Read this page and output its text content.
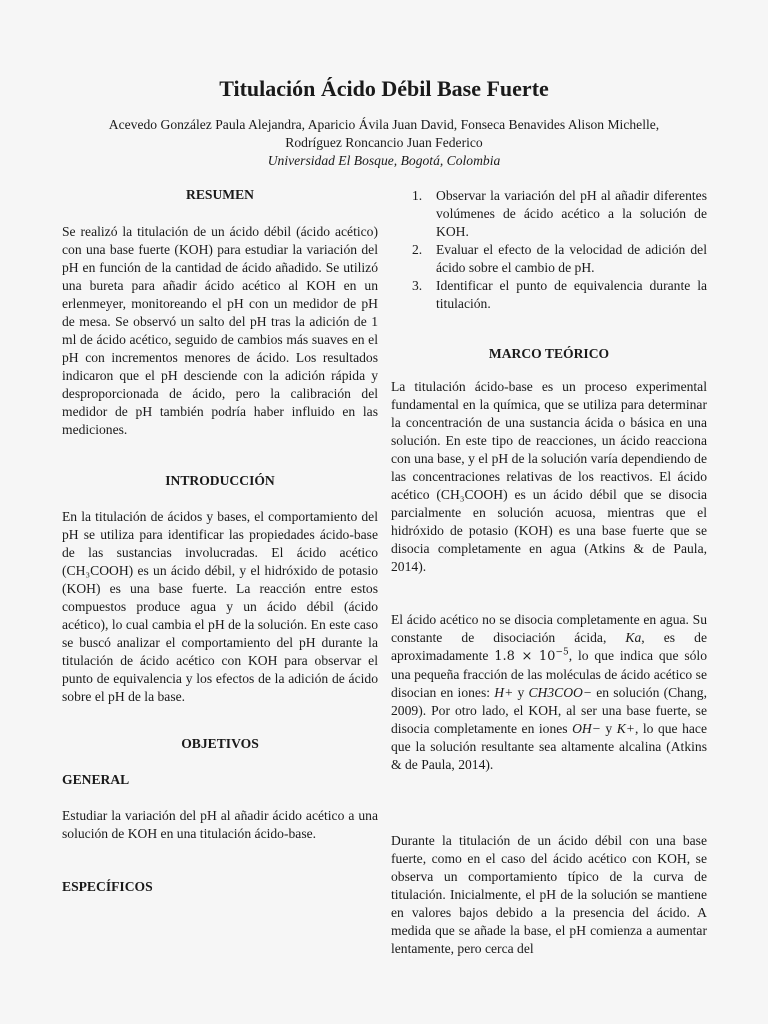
Titulación Ácido Débil Base Fuerte
Acevedo González Paula Alejandra, Aparicio Ávila Juan David, Fonseca Benavides Alison Michelle,
Rodríguez Roncancio Juan Federico
Universidad El Bosque, Bogotá, Colombia
RESUMEN

Se realizó la titulación de un ácido débil (ácido acético) con una base fuerte (KOH) para estudiar la variación del pH en función de la cantidad de ácido añadido. Se utilizó una bureta para añadir ácido acético al KOH en un erlenmeyer, monitoreando el pH con un medidor de pH de mesa. Se observó un salto del pH tras la adición de 1 ml de ácido acético, seguido de cambios más suaves en el pH con incrementos menores de ácido. Los resultados indicaron que el pH desciende con la adición rápida y desproporcionada de ácido, pero la calibración del medidor de pH también podría haber influido en las mediciones.

INTRODUCCIÓN

En la titulación de ácidos y bases, el comportamiento del pH se utiliza para identificar las propiedades ácido-base de las sustancias involucradas. El ácido acético (CH₃COOH) es un ácido débil, y el hidróxido de potasio (KOH) es una base fuerte. La reacción entre estos compuestos produce agua y un ácido débil (ácido acético), lo cual cambia el pH de la solución. En este caso se buscó analizar el comportamiento del pH durante la titulación de ácido acético con KOH para observar el punto de equivalencia y los efectos de la adición de ácido sobre el pH de la base.

OBJETIVOS
GENERAL

Estudiar la variación del pH al añadir ácido acético a una solución de KOH en una titulación ácido-base.

ESPECÍFICOS
1. Observar la variación del pH al añadir diferentes volúmenes de ácido acético a la solución de KOH.
2. Evaluar el efecto de la velocidad de adición del ácido sobre el cambio de pH.
3. Identificar el punto de equivalencia durante la titulación.
MARCO TEÓRICO

La titulación ácido-base es un proceso experimental fundamental en la química, que se utiliza para determinar la concentración de una sustancia ácida o básica en una solución. En este tipo de reacciones, un ácido reacciona con una base, y el pH de la solución varía dependiendo de las concentraciones relativas de los reactivos. El ácido acético (CH₃COOH) es un ácido débil que se disocia parcialmente en solución acuosa, mientras que el hidróxido de potasio (KOH) es una base fuerte que se disocia completamente en agua (Atkins & de Paula, 2014).

El ácido acético no se disocia completamente en agua. Su constante de disociación ácida, Ka, es de aproximadamente $1.8 \times 10^{-5}$, lo que indica que sólo una pequeña fracción de las moléculas de ácido acético se disocian en iones: H+ y CH3COO− en solución (Chang, 2009). Por otro lado, el KOH, al ser una base fuerte, se disocia completamente en iones OH− y K+, lo que hace que la solución resultante sea altamente alcalina (Atkins & de Paula, 2014).

Durante la titulación de un ácido débil con una base fuerte, como en el caso del ácido acético con KOH, se observa un comportamiento típico de la curva de titulación. Inicialmente, el pH de la solución se mantiene en valores bajos debido a la presencia del ácido. A medida que se añade la base, el pH comienza a aumentar lentamente, pero cerca del
